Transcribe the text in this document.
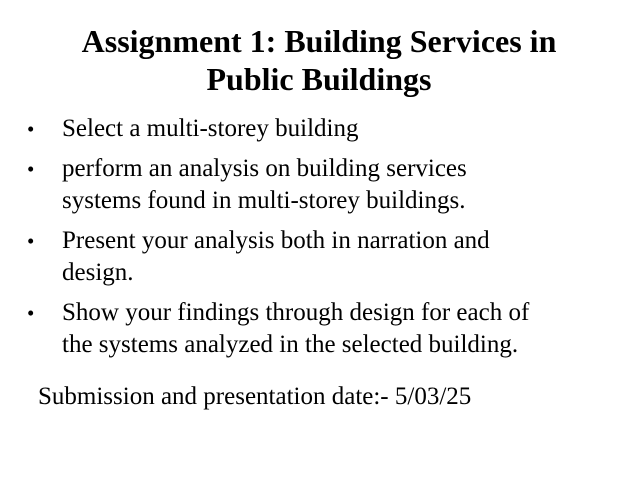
Assignment 1: Building Services in
Public Buildings
•	Select a multi-storey building
•	perform an analysis on building services
systems found in multi-storey buildings.
•	Present your analysis both in narration and
design.
•	Show your findings through design for each of
the systems analyzed in the selected building.
Submission and presentation date:- 5/03/25
